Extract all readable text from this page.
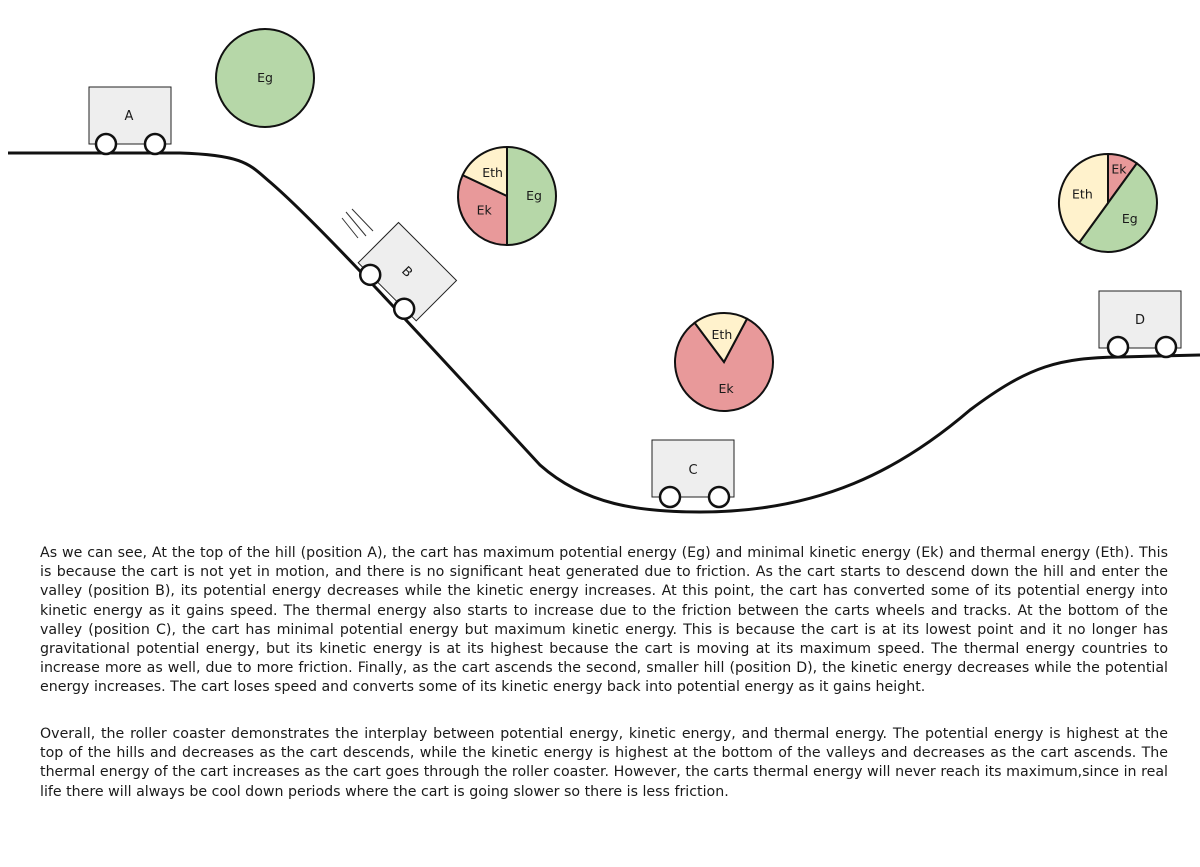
A
B
C
D
Eg
Eg
Ek
Eth
Ek
Eth
Ek
Eg
Eth

As we can see, At the top of the hill (position A), the cart has maximum potential energy (Eg) and minimal kinetic energy (Ek) and thermal energy (Eth). This is because the cart is not yet in motion, and there is no significant heat generated due to friction. As the cart starts to descend down the hill and enter the valley (position B), its potential energy decreases while the kinetic energy increases. At this point, the cart has converted some of its potential energy into kinetic energy as it gains speed. The thermal energy also starts to increase due to the friction between the carts wheels and tracks. At the bottom of the valley (position C), the cart has minimal potential energy but maximum kinetic energy. This is because the cart is at its lowest point and it no longer has gravitational potential energy, but its kinetic energy is at its highest because the cart is moving at its maximum speed. The thermal energy countries to increase more as well, due to more friction. Finally, as the cart ascends the second, smaller hill (position D), the kinetic energy decreases while the potential energy increases. The cart loses speed and converts some of its kinetic energy back into potential energy as it gains height.

Overall, the roller coaster demonstrates the interplay between potential energy, kinetic energy, and thermal energy. The potential energy is highest at the top of the hills and decreases as the cart descends, while the kinetic energy is highest at the bottom of the valleys and decreases as the cart ascends. The thermal energy of the cart increases as the cart goes through the roller coaster. However, the carts thermal energy will never reach its maximum,since in real life there will always be cool down periods where the cart is going slower so there is less friction.
